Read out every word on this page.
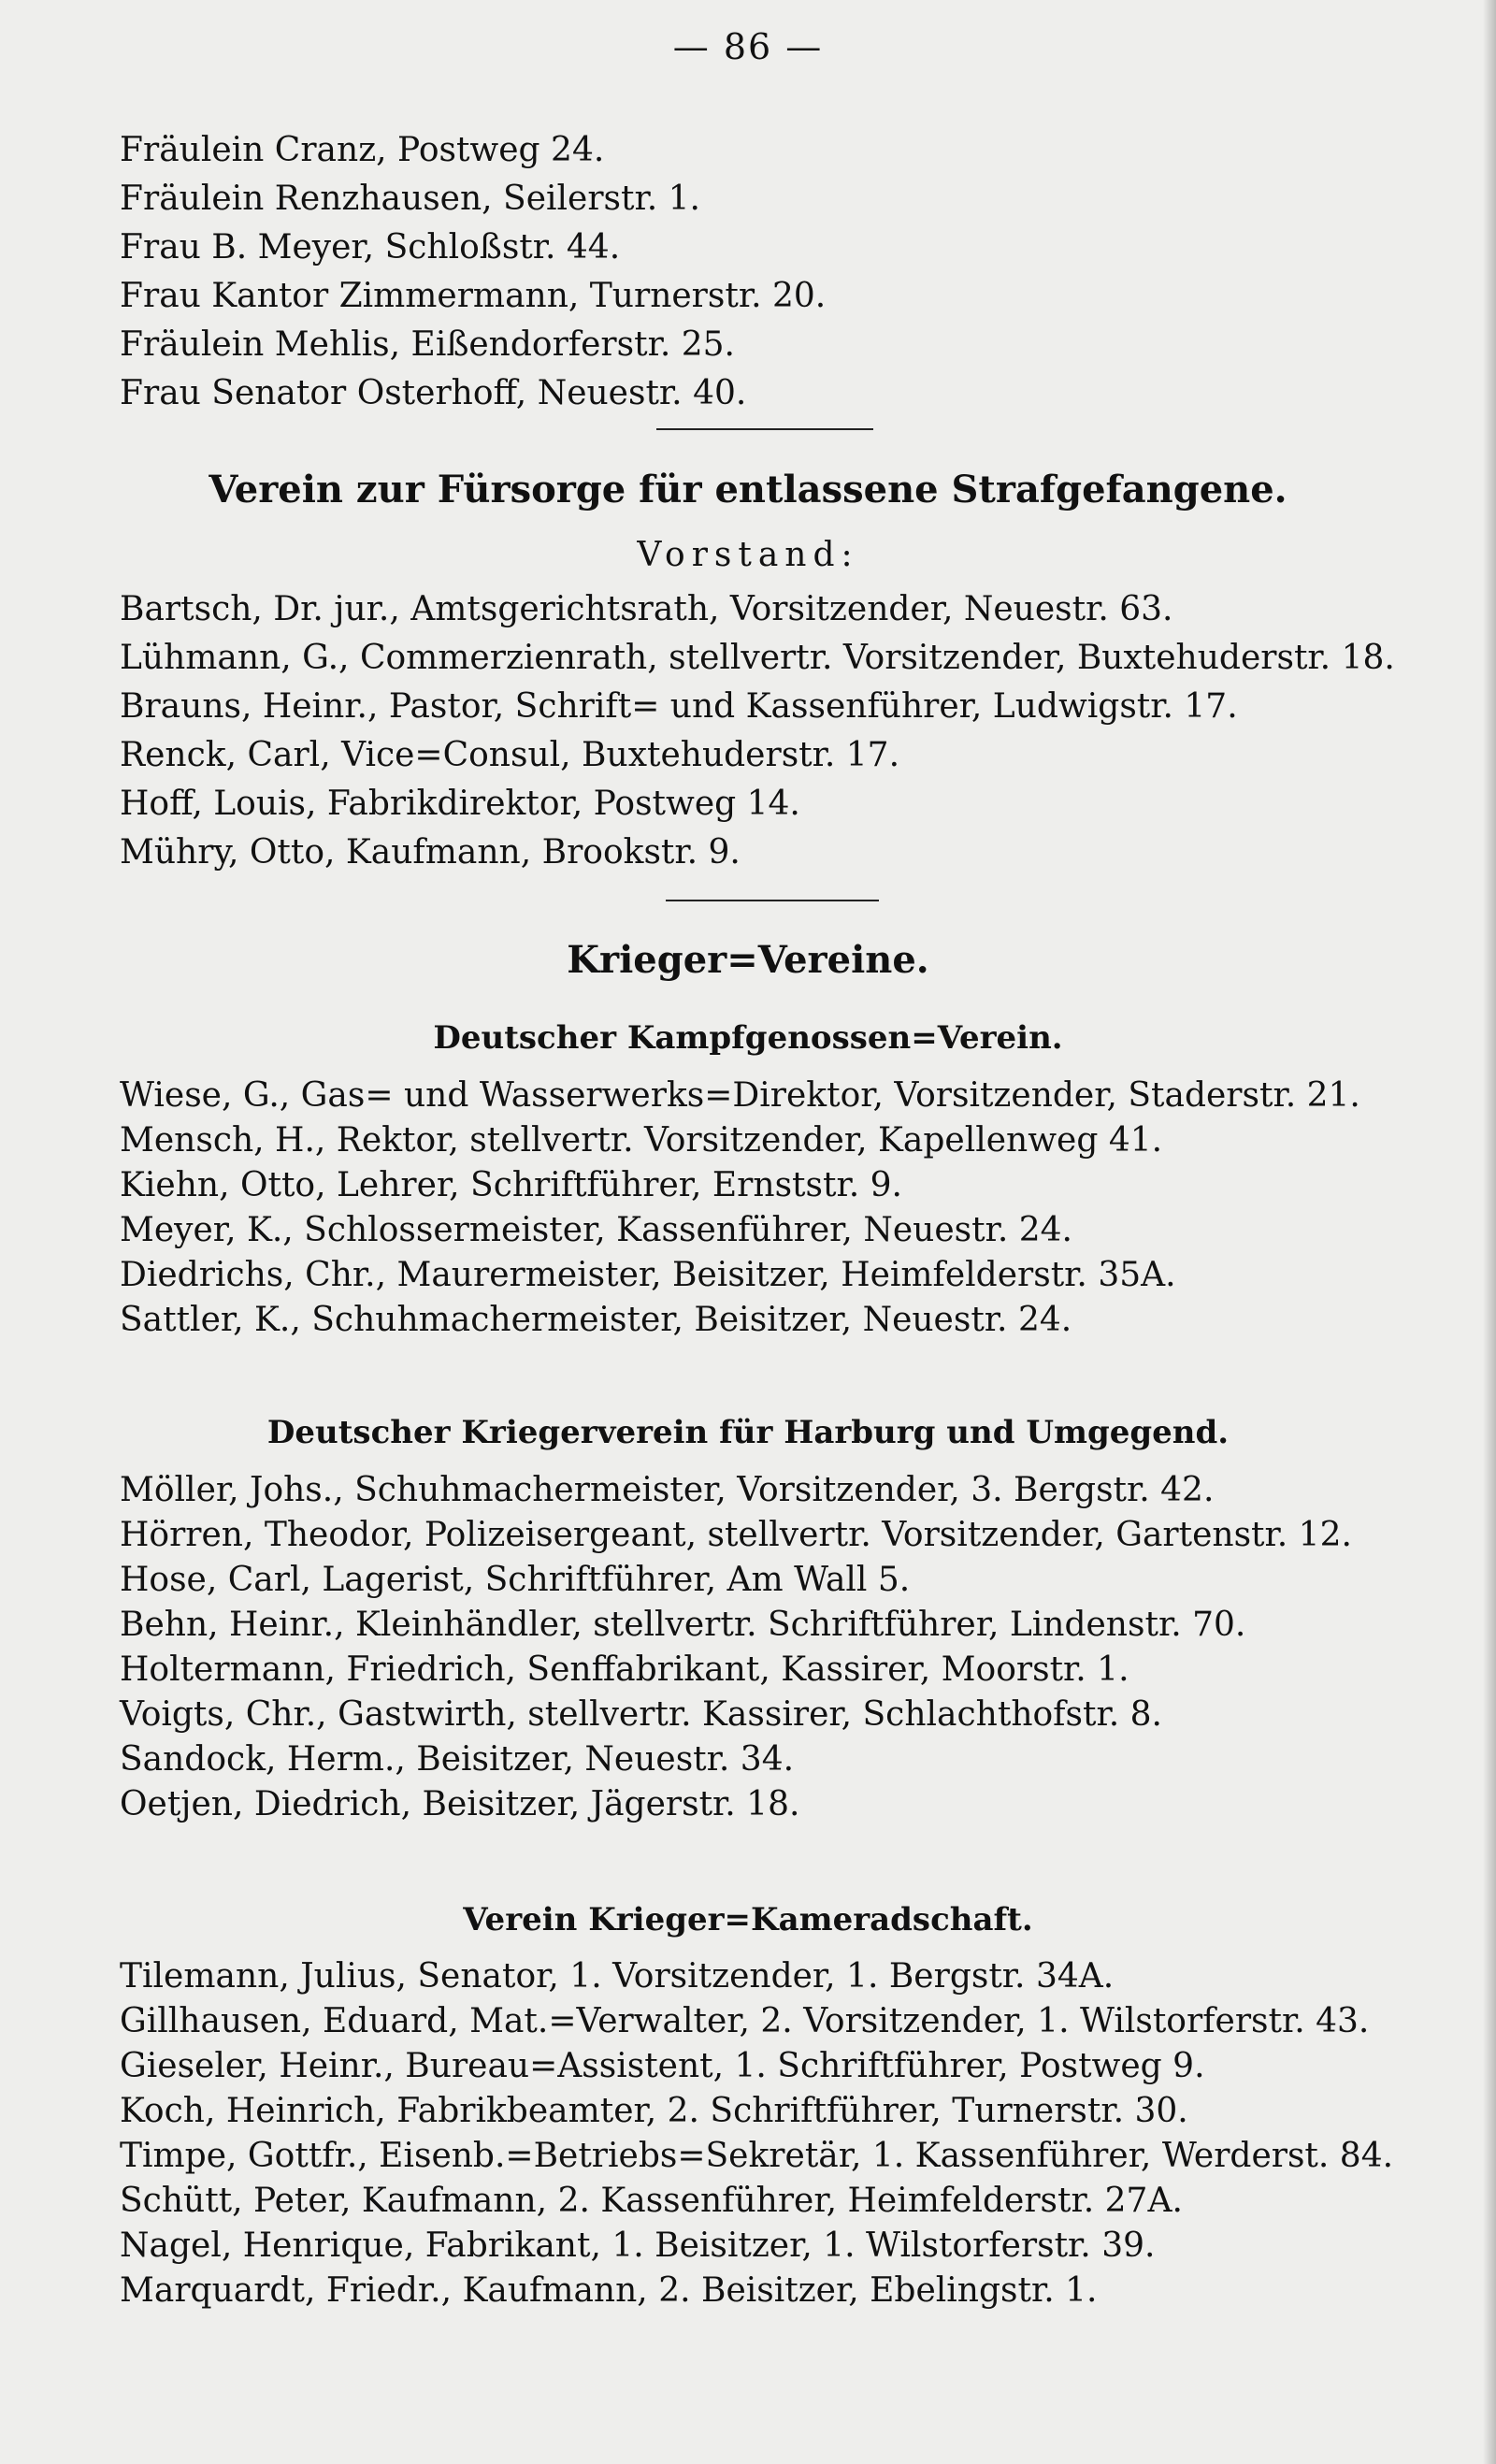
— 86 —
Fräulein Cranz, Postweg 24.
Fräulein Renzhausen, Seilerstr. 1.
Frau B. Meyer, Schloßstr. 44.
Frau Kantor Zimmermann, Turnerstr. 20.
Fräulein Mehlis, Eißendorferstr. 25.
Frau Senator Osterhoff, Neuestr. 40.
Verein zur Fürsorge für entlassene Strafgefangene.
Vorstand:
Bartsch, Dr. jur., Amtsgerichtsrath, Vorsitzender, Neuestr. 63.
Lühmann, G., Commerzienrath, stellvertr. Vorsitzender, Buxtehuderstr. 18.
Brauns, Heinr., Pastor, Schrift= und Kassenführer, Ludwigstr. 17.
Renck, Carl, Vice=Consul, Buxtehuderstr. 17.
Hoff, Louis, Fabrikdirektor, Postweg 14.
Mühry, Otto, Kaufmann, Brookstr. 9.
Krieger=Vereine.
Deutscher Kampfgenossen=Verein.
Wiese, G., Gas= und Wasserwerks=Direktor, Vorsitzender, Staderstr. 21.
Mensch, H., Rektor, stellvertr. Vorsitzender, Kapellenweg 41.
Kiehn, Otto, Lehrer, Schriftführer, Ernststr. 9.
Meyer, K., Schlossermeister, Kassenführer, Neuestr. 24.
Diedrichs, Chr., Maurermeister, Beisitzer, Heimfelderstr. 35A.
Sattler, K., Schuhmachermeister, Beisitzer, Neuestr. 24.
Deutscher Kriegerverein für Harburg und Umgegend.
Möller, Johs., Schuhmachermeister, Vorsitzender, 3. Bergstr. 42.
Hörren, Theodor, Polizeisergeant, stellvertr. Vorsitzender, Gartenstr. 12.
Hose, Carl, Lagerist, Schriftführer, Am Wall 5.
Behn, Heinr., Kleinhändler, stellvertr. Schriftführer, Lindenstr. 70.
Holtermann, Friedrich, Senffabrikant, Kassirer, Moorstr. 1.
Voigts, Chr., Gastwirth, stellvertr. Kassirer, Schlachthofstr. 8.
Sandock, Herm., Beisitzer, Neuestr. 34.
Oetjen, Diedrich, Beisitzer, Jägerstr. 18.
Verein Krieger=Kameradschaft.
Tilemann, Julius, Senator, 1. Vorsitzender, 1. Bergstr. 34A.
Gillhausen, Eduard, Mat.=Verwalter, 2. Vorsitzender, 1. Wilstorferstr. 43.
Gieseler, Heinr., Bureau=Assistent, 1. Schriftführer, Postweg 9.
Koch, Heinrich, Fabrikbeamter, 2. Schriftführer, Turnerstr. 30.
Timpe, Gottfr., Eisenb.=Betriebs=Sekretär, 1. Kassenführer, Werderst. 84.
Schütt, Peter, Kaufmann, 2. Kassenführer, Heimfelderstr. 27A.
Nagel, Henrique, Fabrikant, 1. Beisitzer, 1. Wilstorferstr. 39.
Marquardt, Friedr., Kaufmann, 2. Beisitzer, Ebelingstr. 1.
